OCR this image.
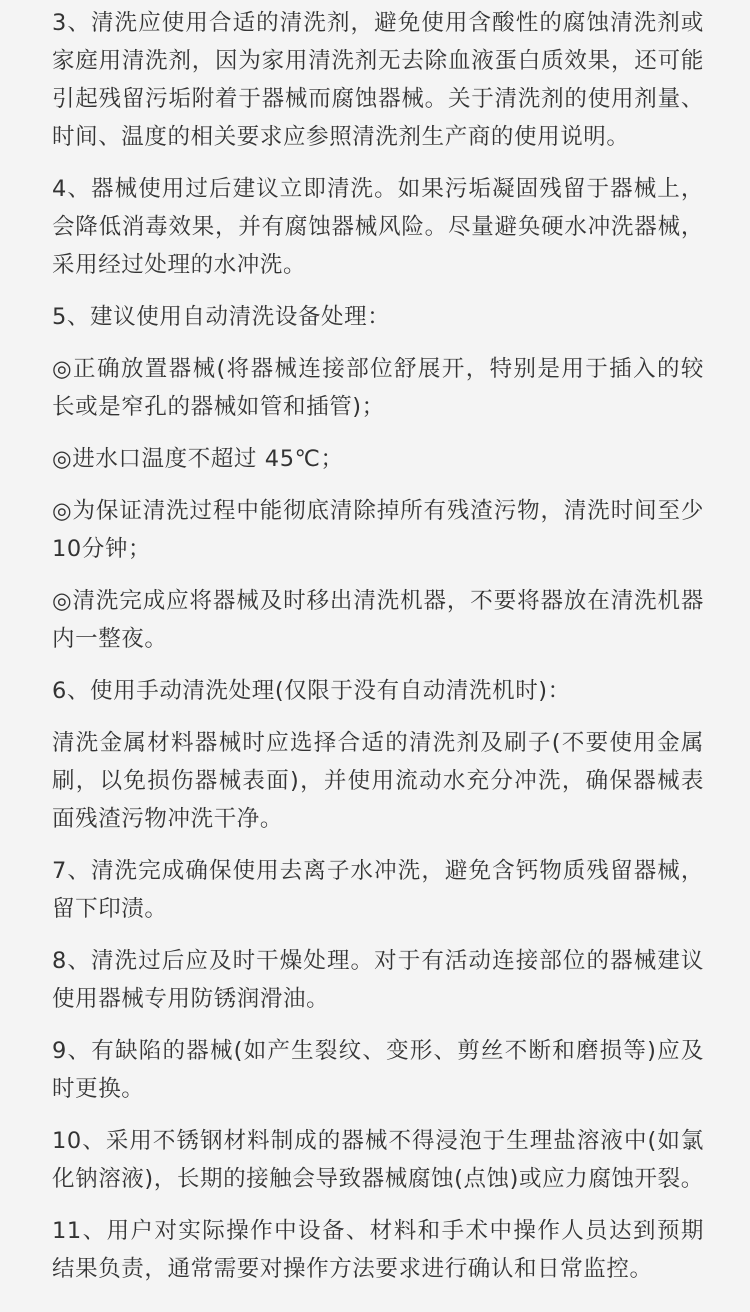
3、清洗应使用合适的清洗剂，避免使用含酸性的腐蚀清洗剂或家庭用清洗剂，因为家用清洗剂无去除血液蛋白质效果，还可能引起残留污垢附着于器械而腐蚀器械。关于清洗剂的使用剂量、时间、温度的相关要求应参照清洗剂生产商的使用说明。

4、器械使用过后建议立即清洗。如果污垢凝固残留于器械上，会降低消毒效果，并有腐蚀器械风险。尽量避奂硬水冲洗器械，采用经过处理的水冲洗。

5、建议使用自动清洗设备处理：

◎正确放置器械(将器械连接部位舒展开，特别是用于插入的较长或是窄孔的器械如管和插管)；

◎进水口温度不超过 45℃；

◎为保证清洗过程中能彻底清除掉所有残渣污物，清洗时间至少10分钟；

◎清洗完成应将器械及时移出清洗机器，不要将器放在清洗机器内一整夜。

6、使用手动清洗处理(仅限于没有自动清洗机时)：

清洗金属材料器械时应选择合适的清洗剂及刷子(不要使用金属刷，以免损伤器械表面)，并使用流动水充分冲洗，确保器械表面残渣污物冲洗干净。

7、清洗完成确保使用去离子水冲洗，避免含钙物质残留器械，留下印渍。

8、清洗过后应及时干燥处理。对于有活动连接部位的器械建议使用器械专用防锈润滑油。

9、有缺陷的器械(如产生裂纹、变形、剪丝不断和磨损等)应及时更换。

10、采用不锈钢材料制成的器械不得浸泡于生理盐溶液中(如氯化钠溶液)，长期的接触会导致器械腐蚀(点蚀)或应力腐蚀开裂。

11、用户对实际操作中设备、材料和手术中操作人员达到预期结果负责，通常需要对操作方法要求进行确认和日常监控。
